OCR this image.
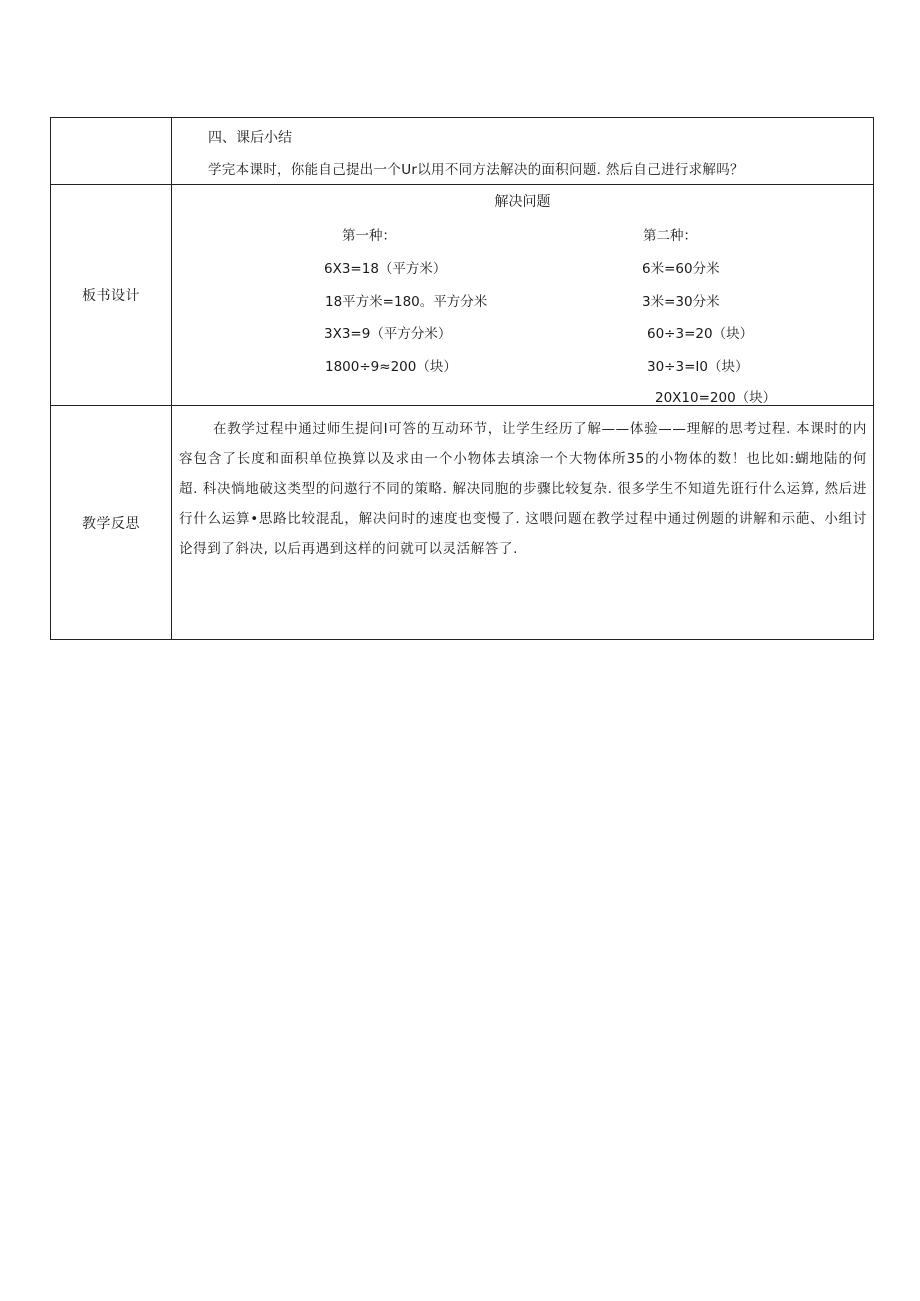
四、课后小结
学完本课时，你能自己提出一个Ur以用不同方法解决的面积问题. 然后自己进行求解吗？
板书设计
解决问题
第一种：
6X3=18（平方米）
18平方米=180。平方分米
3X3=9（平方分米）
1800÷9≈200（块）
第二种：
6米=60分米
3米=30分米
60÷3=20（块）
30÷3=I0（块）
20X10=200（块）
教学反思
在教学过程中通过师生提问I可答的互动环节，让学生经历了解——体验——理解的思考过程. 本课时的内容包含了长度和面积单位换算以及求由一个小物体去填涂一个大物体所35的小物体的数！也比如:蝴地陆的何超. 科决惝地破这类型的问遨行不同的策略. 解决同胞的步骤比较复杂. 很多学生不知道先诳行什么运算, 然后进行什么运算•思路比较混乱，解决问时的速度也变慢了. 这喂问题在教学过程中通过例题的讲解和示葩、小组讨论得到了斜决, 以后再遇到这样的问就可以灵活解答了.
